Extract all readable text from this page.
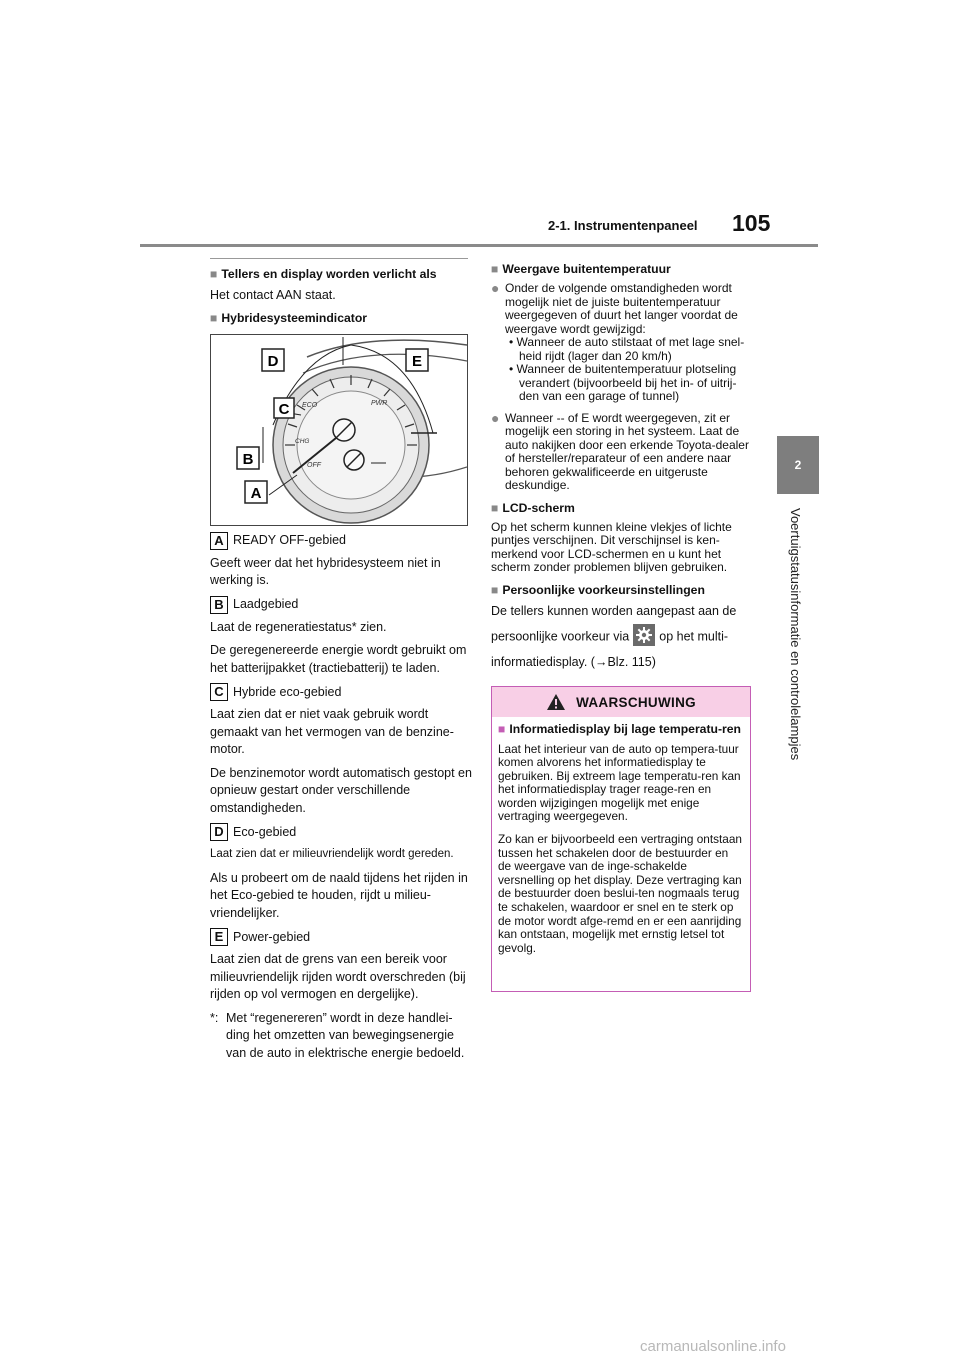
2-1. Instrumentenpaneel 105
2
Voertuigstatusinformatie en controlelampjes

■ Tellers en display worden verlicht als

Het contact AAN staat.

■ Hybridesysteemindicator

ECO	PWR
CHG
OFF
D	E
C
B
A
A READY OFF-gebied

Geeft weer dat het hybridesysteem niet in werking is.

B Laadgebied

Laat de regeneratiestatus* zien.

De geregenereerde energie wordt gebruikt om het batterijpakket (tractiebatterij) te laden.

C Hybride eco-gebied

Laat zien dat er niet vaak gebruik wordt gemaakt van het vermogen van de benzine-motor.

De benzinemotor wordt automatisch gestopt en opnieuw gestart onder verschillende omstandigheden.

D Eco-gebied

Laat zien dat er milieuvriendelijk wordt gereden.

Als u probeert om de naald tijdens het rijden in het Eco-gebied te houden, rijdt u milieu-vriendelijker.

E Power-gebied

Laat zien dat de grens van een bereik voor milieuvriendelijk rijden wordt overschreden (bij rijden op vol vermogen en dergelijke).

*: Met “regenereren” wordt in deze handlei-ding het omzetten van bewegingsenergie van de auto in elektrische energie bedoeld.

■ Weergave buitentemperatuur

● Onder de volgende omstandigheden wordt mogelijk niet de juiste buitentemperatuur weergegeven of duurt het langer voordat de weergave wordt gewijzigd:
• Wanneer de auto stilstaat of met lage snel-heid rijdt (lager dan 20 km/h)
• Wanneer de buitentemperatuur plotseling verandert (bijvoorbeeld bij het in- of uitrij-den van een garage of tunnel)
● Wanneer -- of E wordt weergegeven, zit er mogelijk een storing in het systeem. Laat de auto nakijken door een erkende Toyota-dealer of hersteller/reparateur of een andere naar behoren gekwalificeerde en uitgeruste deskundige.

■ LCD-scherm

Op het scherm kunnen kleine vlekjes of lichte puntjes verschijnen. Dit verschijnsel is ken-merkend voor LCD-schermen en u kunt het scherm zonder problemen blijven gebruiken.

■ Persoonlijke voorkeursinstellingen

De tellers kunnen worden aangepast aan de

persoonlijke voorkeur via op het multi-

informatiedisplay. (→Blz. 115)

WAARSCHUWING
■ Informatiedisplay bij lage temperatu-ren

Laat het interieur van de auto op tempera-tuur komen alvorens het informatiedisplay te gebruiken. Bij extreem lage temperatu-ren kan het informatiedisplay trager reage-ren en worden wijzigingen mogelijk met enige vertraging weergegeven.

Zo kan er bijvoorbeeld een vertraging ontstaan tussen het schakelen door de bestuurder en de weergave van de inge-schakelde versnelling op het display. Deze vertraging kan de bestuurder doen beslui-ten nogmaals terug te schakelen, waardoor er snel en te sterk op de motor wordt afge-remd en er een aanrijding kan ontstaan, mogelijk met ernstig letsel tot gevolg.

carmanualsonline.info
